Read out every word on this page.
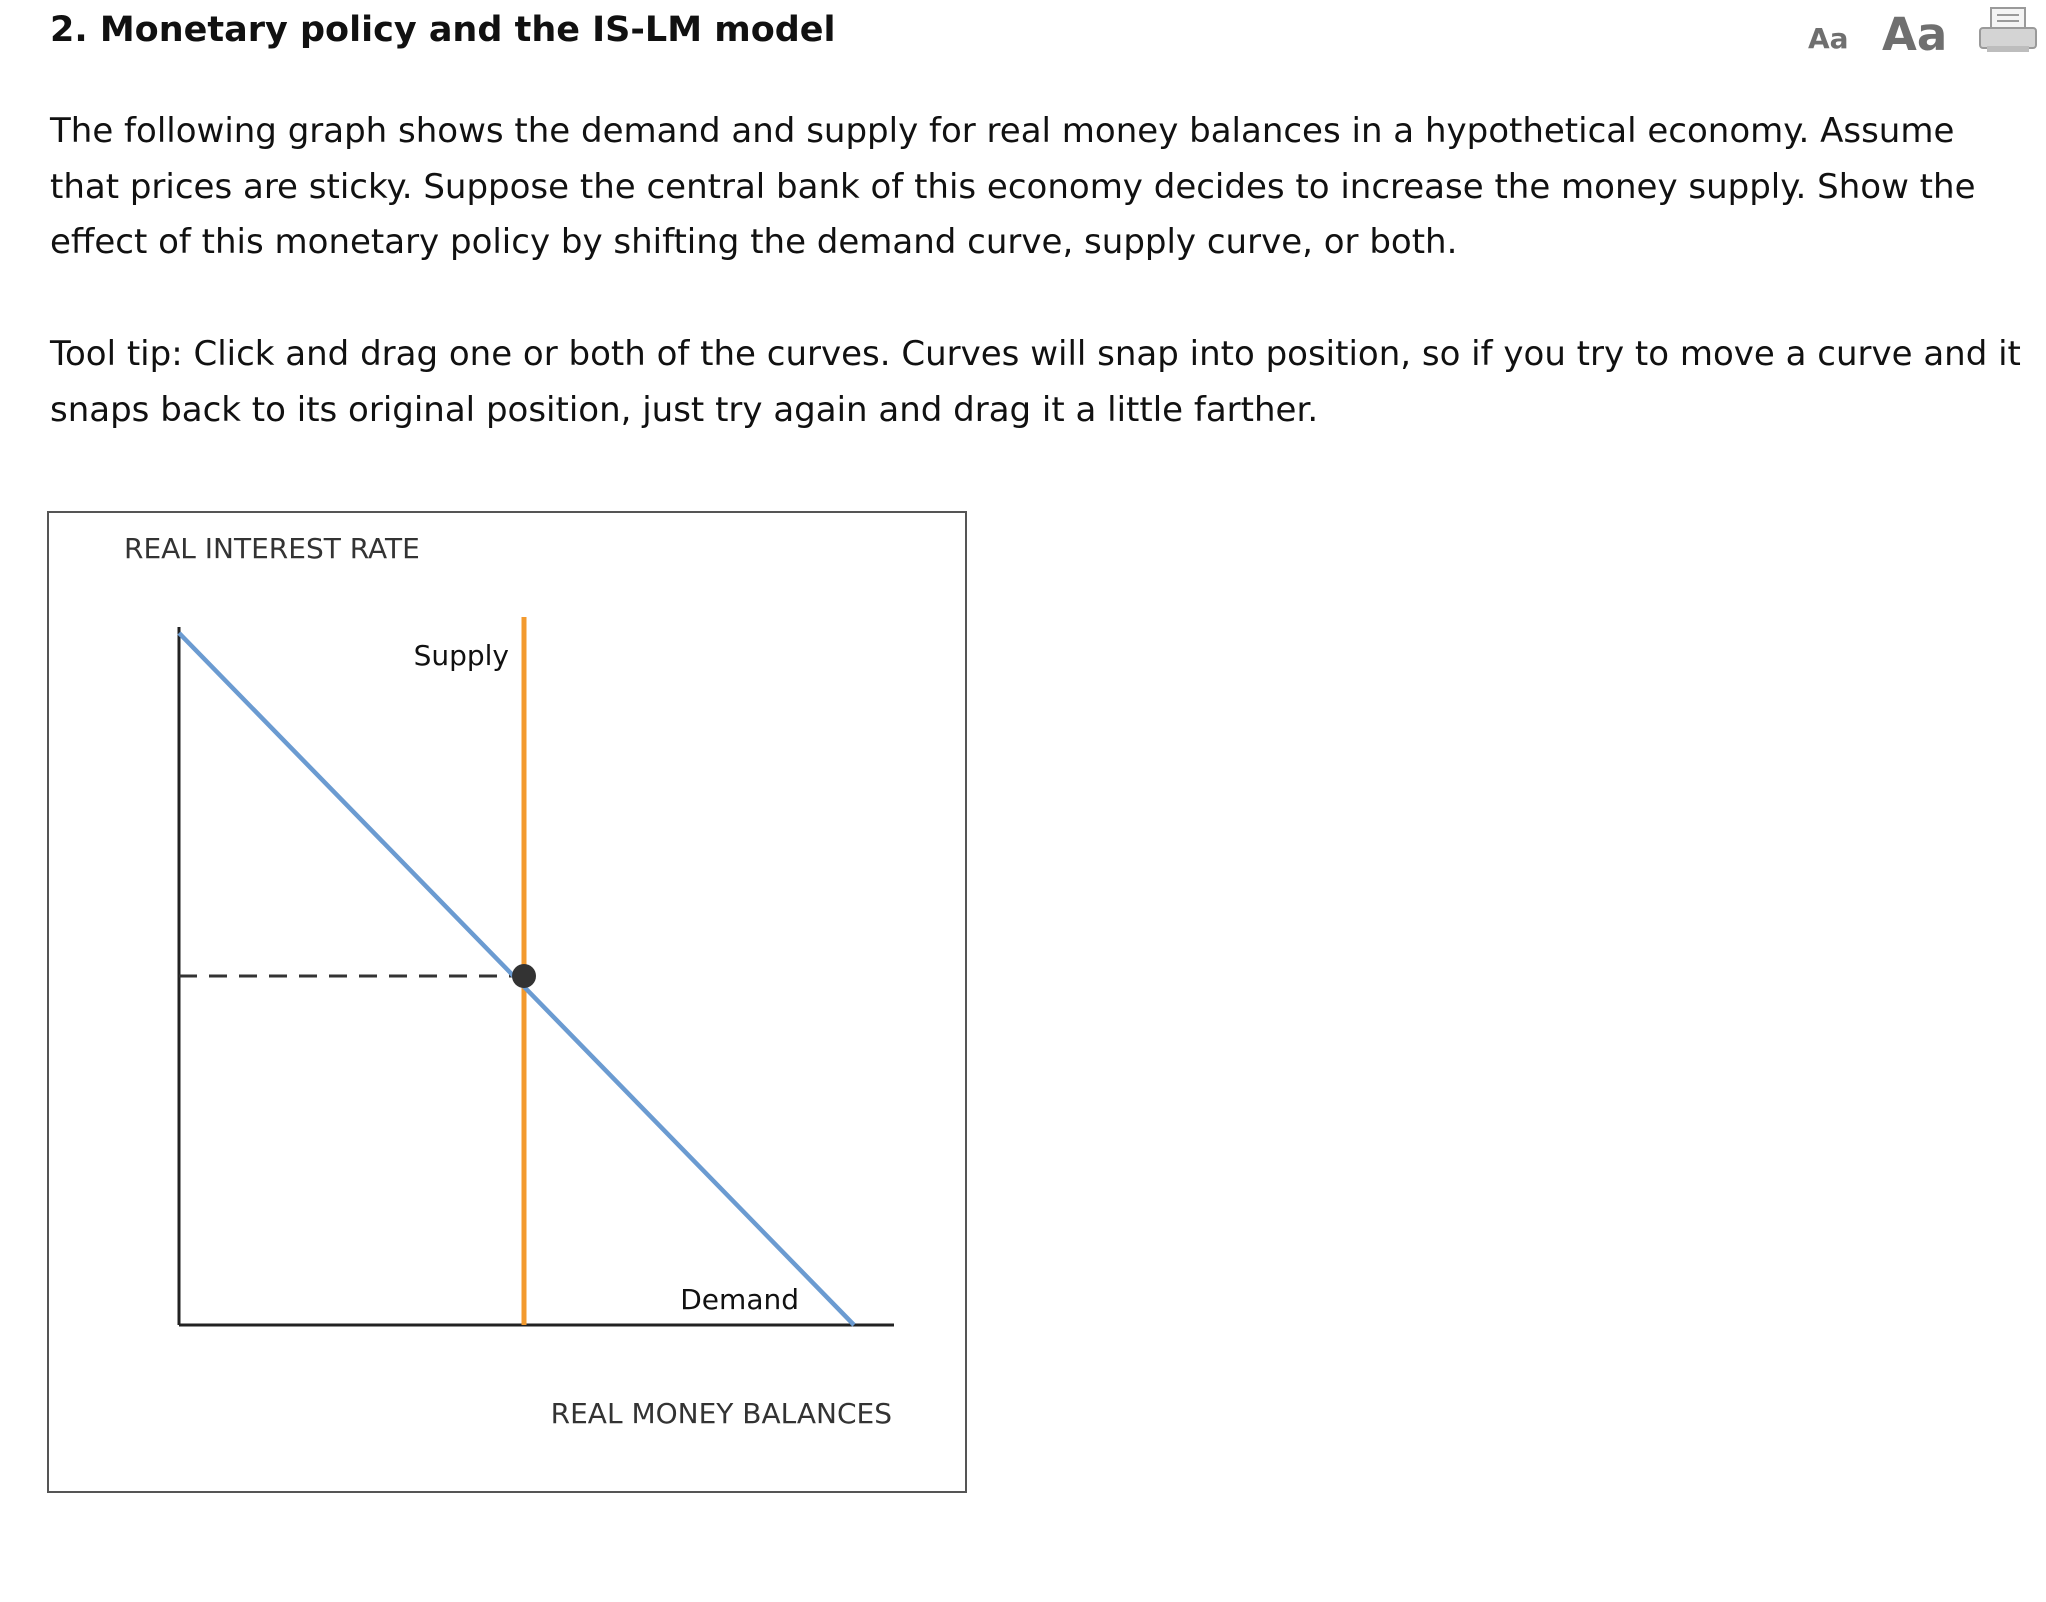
2. Monetary policy and the IS-LM model	Aa Aa

The following graph shows the demand and supply for real money balances in a hypothetical economy. Assume that prices are sticky. Suppose the central bank of this economy decides to increase the money supply. Show the effect of this monetary policy by shifting the demand curve, supply curve, or both.

Tool tip: Click and drag one or both of the curves. Curves will snap into position, so if you try to move a curve and it snaps back to its original position, just try again and drag it a little farther.

REAL INTEREST RATE
REAL MONEY BALANCES
Supply
Demand
